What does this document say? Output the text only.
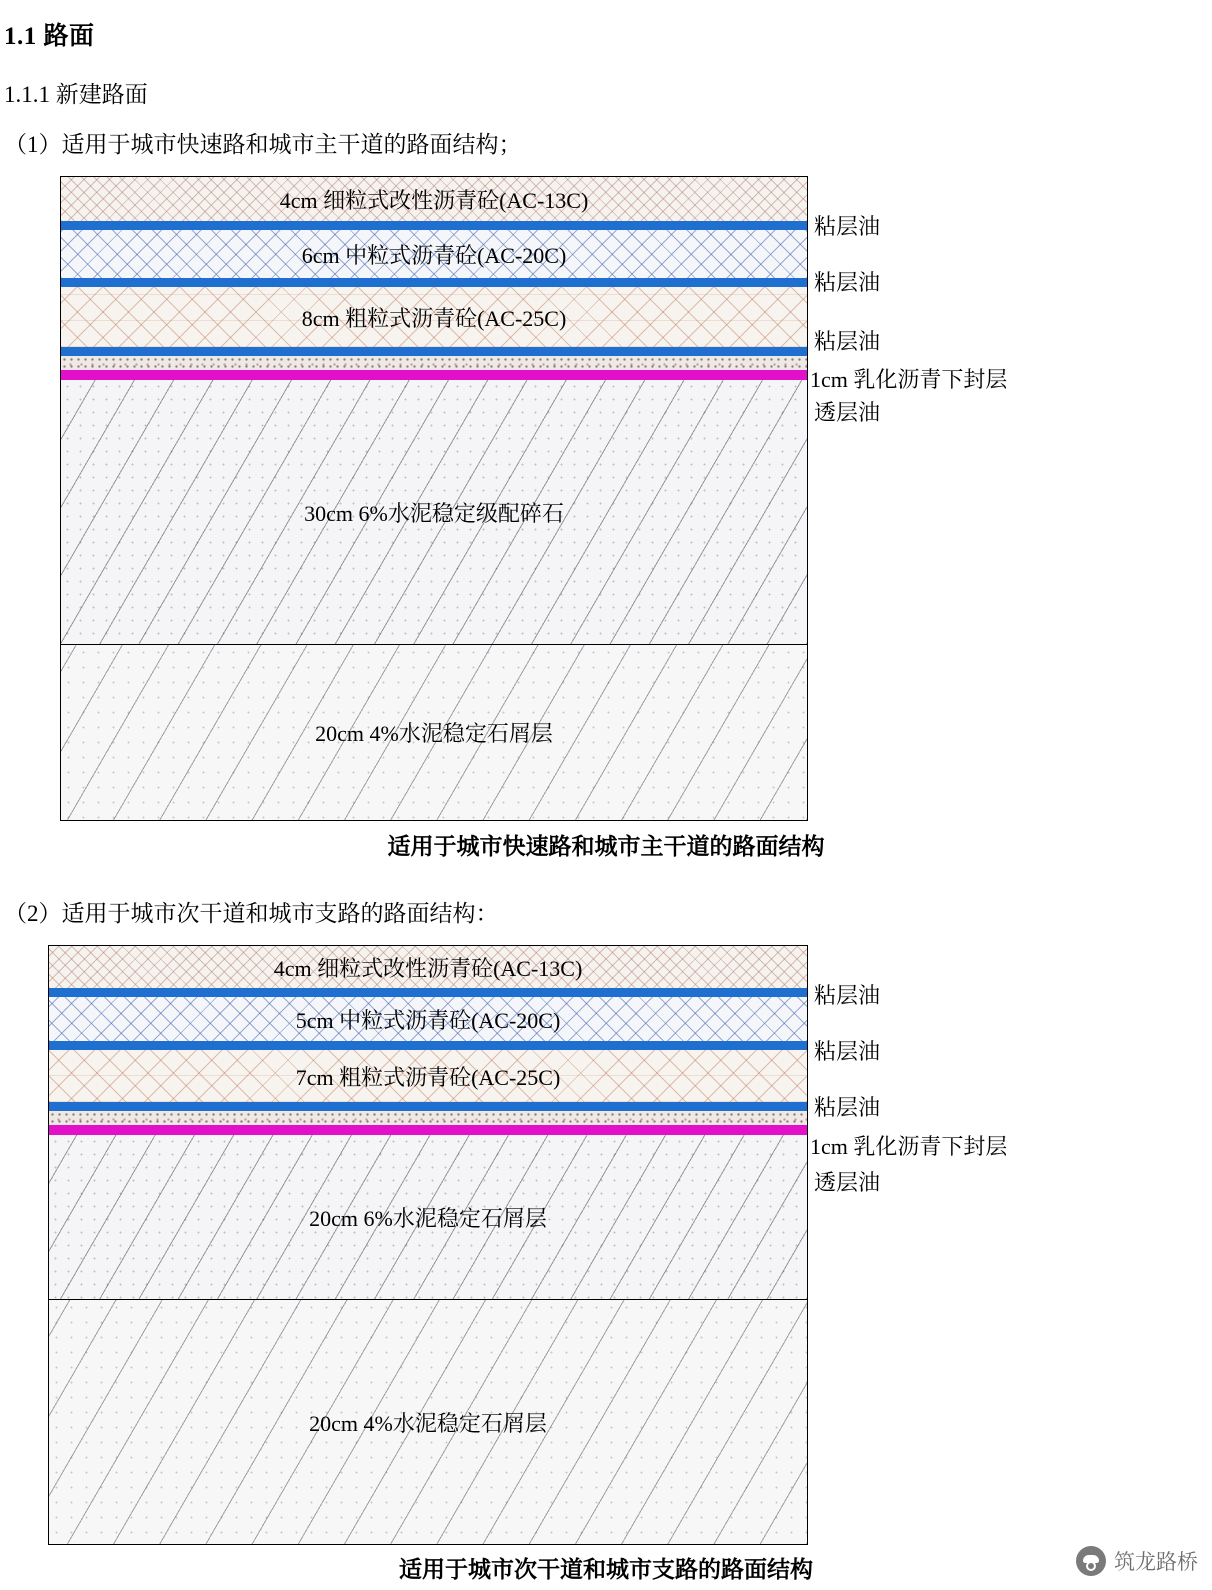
1.1 路面
1.1.1 新建路面
（1）适用于城市快速路和城市主干道的路面结构；
（2）适用于城市次干道和城市支路的路面结构：
4cm 细粒式改性沥青砼(AC-13C)
6cm 中粒式沥青砼(AC-20C)
8cm 粗粒式沥青砼(AC-25C)
30cm 6%水泥稳定级配碎石
20cm 4%水泥稳定石屑层
粘层油
粘层油
粘层油
1cm 乳化沥青下封层
透层油
适用于城市快速路和城市主干道的路面结构
4cm 细粒式改性沥青砼(AC-13C)
5cm 中粒式沥青砼(AC-20C)
7cm 粗粒式沥青砼(AC-25C)
20cm 6%水泥稳定石屑层
20cm 4%水泥稳定石屑层
粘层油
粘层油
粘层油
1cm 乳化沥青下封层
透层油
适用于城市次干道和城市支路的路面结构	筑龙路桥
